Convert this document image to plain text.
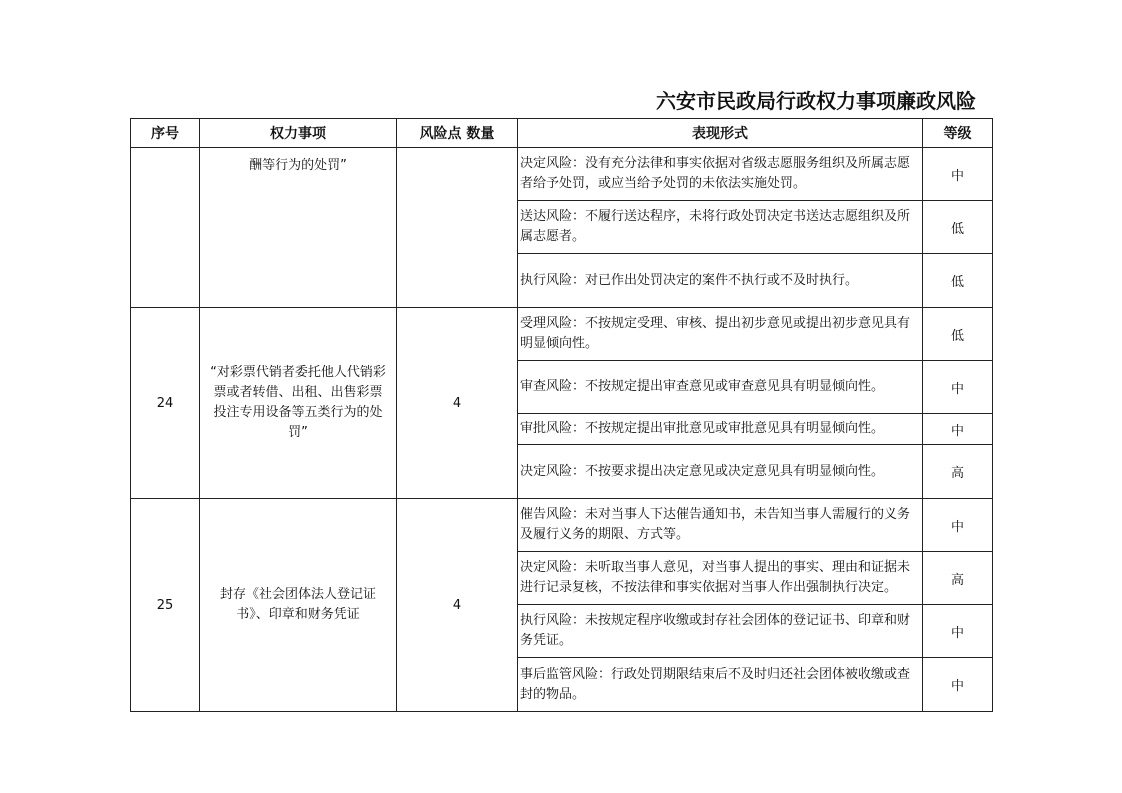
六安市民政局行政权力事项廉政风险
序号	权力事项	风险点 数量	表现形式	等级

	酬等行为的处罚”		决定风险：没有充分法律和事实依据对省级志愿服务组织及所属志愿者给予处罚，或应当给予处罚的未依法实施处罚。	中
			送达风险：不履行送达程序，未将行政处罚决定书送达志愿组织及所属志愿者。	低
			执行风险：对已作出处罚决定的案件不执行或不及时执行。	低
24	“对彩票代销者委托他人代销彩票或者转借、出租、出售彩票投注专用设备等五类行为的处罚”	4	受理风险：不按规定受理、审核、提出初步意见或提出初步意见具有明显倾向性。	低
			审查风险：不按规定提出审查意见或审查意见具有明显倾向性。	中
			审批风险：不按规定提出审批意见或审批意见具有明显倾向性。	中
			决定风险：不按要求提出决定意见或决定意见具有明显倾向性。	高
25	封存《社会团体法人登记证书》、印章和财务凭证	4	催告风险：未对当事人下达催告通知书，未告知当事人需履行的义务及履行义务的期限、方式等。	中
			决定风险：未听取当事人意见，对当事人提出的事实、理由和证据未进行记录复核，不按法律和事实依据对当事人作出强制执行决定。	高
			执行风险：未按规定程序收缴或封存社会团体的登记证书、印章和财务凭证。	中
			事后监管风险：行政处罚期限结束后不及时归还社会团体被收缴或查封的物品。	中
